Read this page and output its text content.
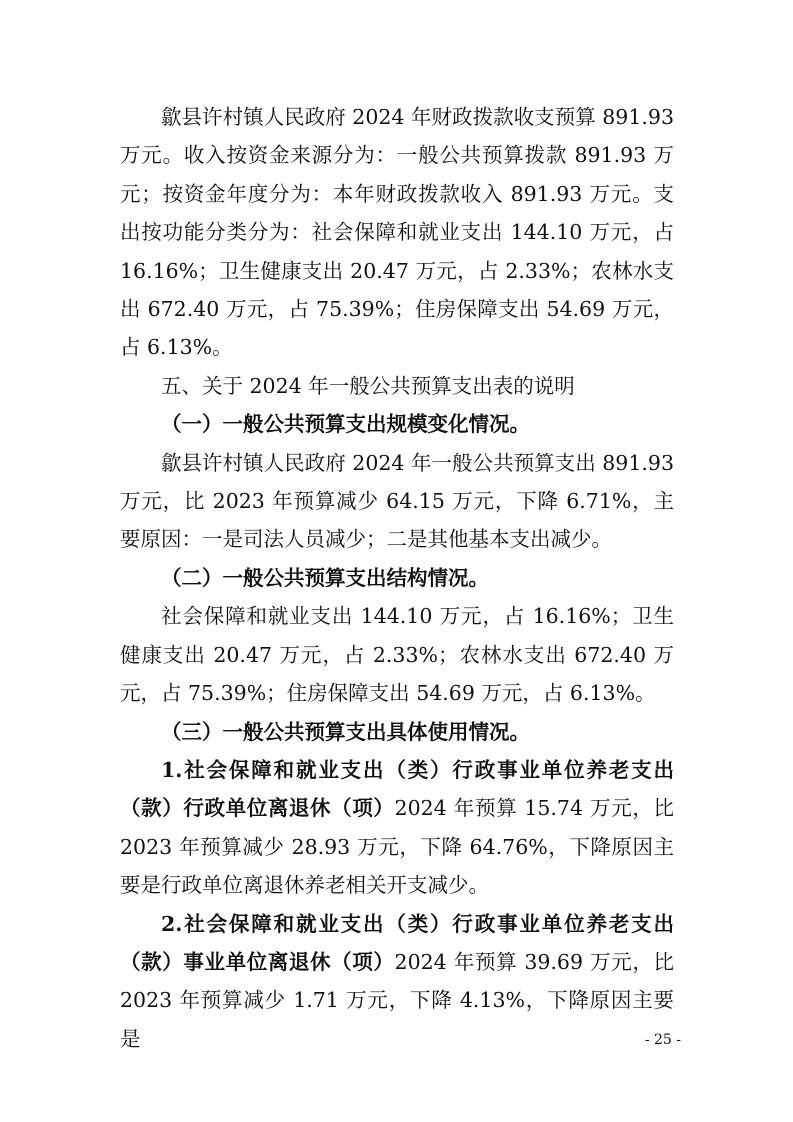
歙县许村镇人民政府 2024 年财政拨款收支预算 891.93 万元。收入按资金来源分为：一般公共预算拨款 891.93 万元；按资金年度分为：本年财政拨款收入 891.93 万元。支出按功能分类分为：社会保障和就业支出 144.10 万元，占 16.16%；卫生健康支出 20.47 万元，占 2.33%；农林水支出 672.40 万元，占 75.39%；住房保障支出 54.69 万元，占 6.13%。

五、关于 2024 年一般公共预算支出表的说明

（一）一般公共预算支出规模变化情况。

歙县许村镇人民政府 2024 年一般公共预算支出 891.93 万元，比 2023 年预算减少 64.15 万元，下降 6.71%，主要原因：一是司法人员减少；二是其他基本支出减少。

（二）一般公共预算支出结构情况。

社会保障和就业支出 144.10 万元，占 16.16%；卫生健康支出 20.47 万元，占 2.33%；农林水支出 672.40 万元，占 75.39%；住房保障支出 54.69 万元，占 6.13%。

（三）一般公共预算支出具体使用情况。

1.社会保障和就业支出（类）行政事业单位养老支出（款）行政单位离退休（项）2024 年预算 15.74 万元，比 2023 年预算减少 28.93 万元，下降 64.76%，下降原因主要是行政单位离退休养老相关开支减少。

2.社会保障和就业支出（类）行政事业单位养老支出（款）事业单位离退休（项）2024 年预算 39.69 万元，比 2023 年预算减少 1.71 万元，下降 4.13%，下降原因主要是	- 25 -
